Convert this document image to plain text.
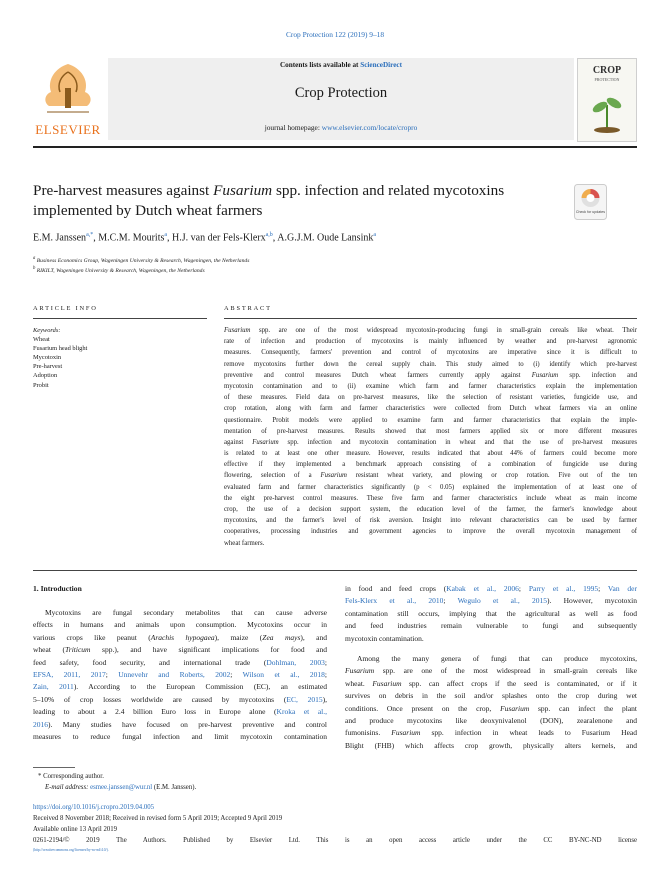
Crop Protection 122 (2019) 9–18
ELSEVIER
Contents lists available at ScienceDirect
Crop Protection
journal homepage: www.elsevier.com/locate/cropro
CROP
PROTECTION
Pre-harvest measures against Fusarium spp. infection and related mycotoxins implemented by Dutch wheat farmers	Check for updates
E.M. Janssen$^{a,*}$, M.C.M. Mourits$^a$, H.J. van der Fels-Klerx$^{a,b}$, A.G.J.M. Oude Lansink$^a$
$^a$ Business Economics Group, Wageningen University & Research, Wageningen, the Netherlands
$^b$ RIKILT, Wageningen University & Research, Wageningen, the Netherlands
ARTICLE INFO	ABSTRACT
Keywords:
Wheat
Fusarium head blight
Mycotoxin
Pre-harvest
Adoption
Probit
Fusarium spp. are one of the most widespread mycotoxin-producing fungi in small-grain cereals like wheat. Their
rate of infection and production of mycotoxins is mainly influenced by weather and pre-harvest agronomic
measures. Consequently, farmers' prevention and control of mycotoxins are imperative since it is difficult to
remove mycotoxins further down the cereal supply chain. This study aimed to (i) identify which pre-harvest
preventive and control measures Dutch wheat farmers currently apply against Fusarium spp. infection and
mycotoxin contamination and to (ii) examine which farm and farmer characteristics explain the implementation
of these measures. Field data on pre-harvest measures, like the selection of resistant varieties, fungicide use, and
crop rotation, along with farm and farmer characteristics were collected from Dutch wheat farmers via an online
questionnaire. Probit models were applied to examine farm and farmer characteristics that explain the imple-
mentation of pre-harvest measures. Results showed that most farmers applied six or more different measures
against Fusarium spp. infection and mycotoxin contamination in wheat and that the use of pre-harvest measures
is related to at least one other measure. However, results indicated that about 44% of farmers could become more
effective if they implemented a benchmark approach consisting of a combination of fungicide use during
flowering, selection of a Fusarium resistant wheat variety, and plowing or crop rotation. Five out of the ten
evaluated farm and farmer characteristics significantly (p < 0.05) explained the implementation of at least one of
the eight pre-harvest control measures. These five farm and farmer characteristics include wheat as main income
crop, the use of a decision support system, the education level of the farmer, the farmer's knowledge about
mycotoxins, and the farmer's level of risk aversion. Insight into relevant characteristics can be used by farmer
cooperatives, processing industries and government agencies to improve the overall mycotoxin management of
wheat farmers.
1. Introduction
Mycotoxins are fungal secondary metabolites that can cause adverse
effects in humans and animals upon consumption. Mycotoxins occur in
various crops like peanut (Arachis hypogaea), maize (Zea mays), and
wheat (Triticum spp.), and have significant implications for food and
feed safety, food security, and international trade (Dohlman, 2003;
EFSA, 2011, 2017; Unnevehr and Roberts, 2002; Wilson et al., 2018;
Zain, 2011). According to the European Commission (EC), an estimated
5–10% of crop losses worldwide are caused by mycotoxins (EC, 2015),
leading to about a 2.4 billion Euro loss in Europe alone (Kroka et al.,
2016). Many studies have focused on pre-harvest preventive and control
measures to reduce fungal infection and limit mycotoxin contamination
in food and feed crops (Kabak et al., 2006; Parry et al., 1995; Van der
Fels-Klerx et al., 2010; Wegulo et al., 2015). However, mycotoxin
contamination still occurs, implying that the agricultural as well as food
and feed industries remain vulnerable to fungi and subsequently
mycotoxin contamination.
Among the many genera of fungi that can produce mycotoxins,
Fusarium spp. are one of the most widespread in small-grain cereals like
wheat. Fusarium spp. can affect crops if the seed is contaminated, or if it
survives on debris in the soil and/or splashes onto the crop during wet
conditions. Once present on the crop, Fusarium spp. can infect the plant
and produce mycotoxins like deoxynivalenol (DON), zearalenone and
fumonisins. Fusarium spp. infection in wheat leads to Fusarium Head
Blight (FHB) which affects crop growth, physically alters kernels, and
* Corresponding author.
E-mail address: esmee.janssen@wur.nl (E.M. Janssen).
https://doi.org/10.1016/j.cropro.2019.04.005
Received 8 November 2018; Received in revised form 5 April 2019; Accepted 9 April 2019
Available online 13 April 2019
0261-2194/© 2019 The Authors. Published by Elsevier Ltd. This is an open access article under the CC BY-NC-ND license
(http://creativecommons.org/licenses/by-nc-nd/4.0/).
